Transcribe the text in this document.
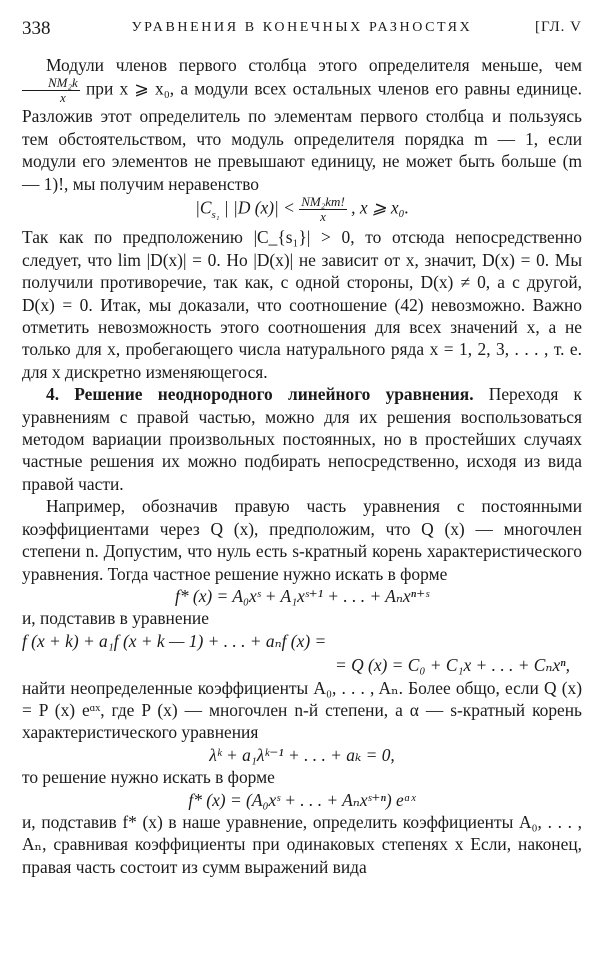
338	УРАВНЕНИЯ В КОНЕЧНЫХ РАЗНОСТЯХ	[ГЛ. V

Модули членов первого столбца этого определителя меньше, чем
$\frac{\text{NM₂k}}{x}$ при x ⩾ x₀, а модули всех остальных членов его равны единице. Разложив этот определитель по элементам первого столбца и пользуясь тем обстоятельством, что модуль определителя порядка m — 1, если модули его элементов не превышают единицу, не может быть больше (m — 1)!, мы получим неравенство

$|C_{s_1}$ | |D $(x)| < \frac{\text{NM₂km!}}{x}$ , x ⩾ x₀.

Так как по предположению |C_{s₁}| > 0, то отсюда непосредственно следует, что lim |D(x)| = 0. Но |D(x)| не зависит от x, значит, D(x) = 0. Мы получили противоречие, так как, с одной стороны, D(x) ≠ 0, а с другой, D(x) = 0. Итак, мы доказали, что соотношение (42) невозможно. Важно отметить невозможность этого соотношения для всех значений x, а не только для x, пробегающего числа натурального ряда x = 1, 2, 3, . . . , т. е. для x дискретно изменяющегося.

4. Решение неоднородного линейного уравнения. Переходя к уравнениям с правой частью, можно для их решения воспользоваться методом вариации произвольных постоянных, но в простейших случаях частные решения их можно подбирать непосредственно, исходя из вида правой части.

Например, обозначив правую часть уравнения с постоянными коэффициентами через Q (x), предположим, что Q (x) — многочлен степени n. Допустим, что нуль есть s-кратный корень характеристического уравнения. Тогда частное решение нужно искать в форме

f* (x) = A₀xˢ + A₁xˢ⁺¹ + . . . + Aₙxⁿ⁺ˢ

и, подставив в уравнение

f (x + k) + a₁f (x + k — 1) + . . . + aₙf (x) =

= Q (x) = C₀ + C₁x + . . . + Cₙxⁿ,

найти неопределенные коэффициенты A₀, . . . , Aₙ. Более общо, если Q (x) = P (x) eᵅˣ, где P (x) — многочлен n-й степени, а α — s-кратный корень характеристического уравнения

λᵏ + a₁λᵏ⁻¹ + . . . + aₖ = 0,

то решение нужно искать в форме

f* (x) = (A₀xˢ + . . . + Aₙxˢ⁺ⁿ) eᵅˣ

и, подставив f* (x) в наше уравнение, определить коэффициенты A₀, . . . , Aₙ, сравнивая коэффициенты при одинаковых степенях x Если, наконец, правая часть состоит из сумм выражений вида
